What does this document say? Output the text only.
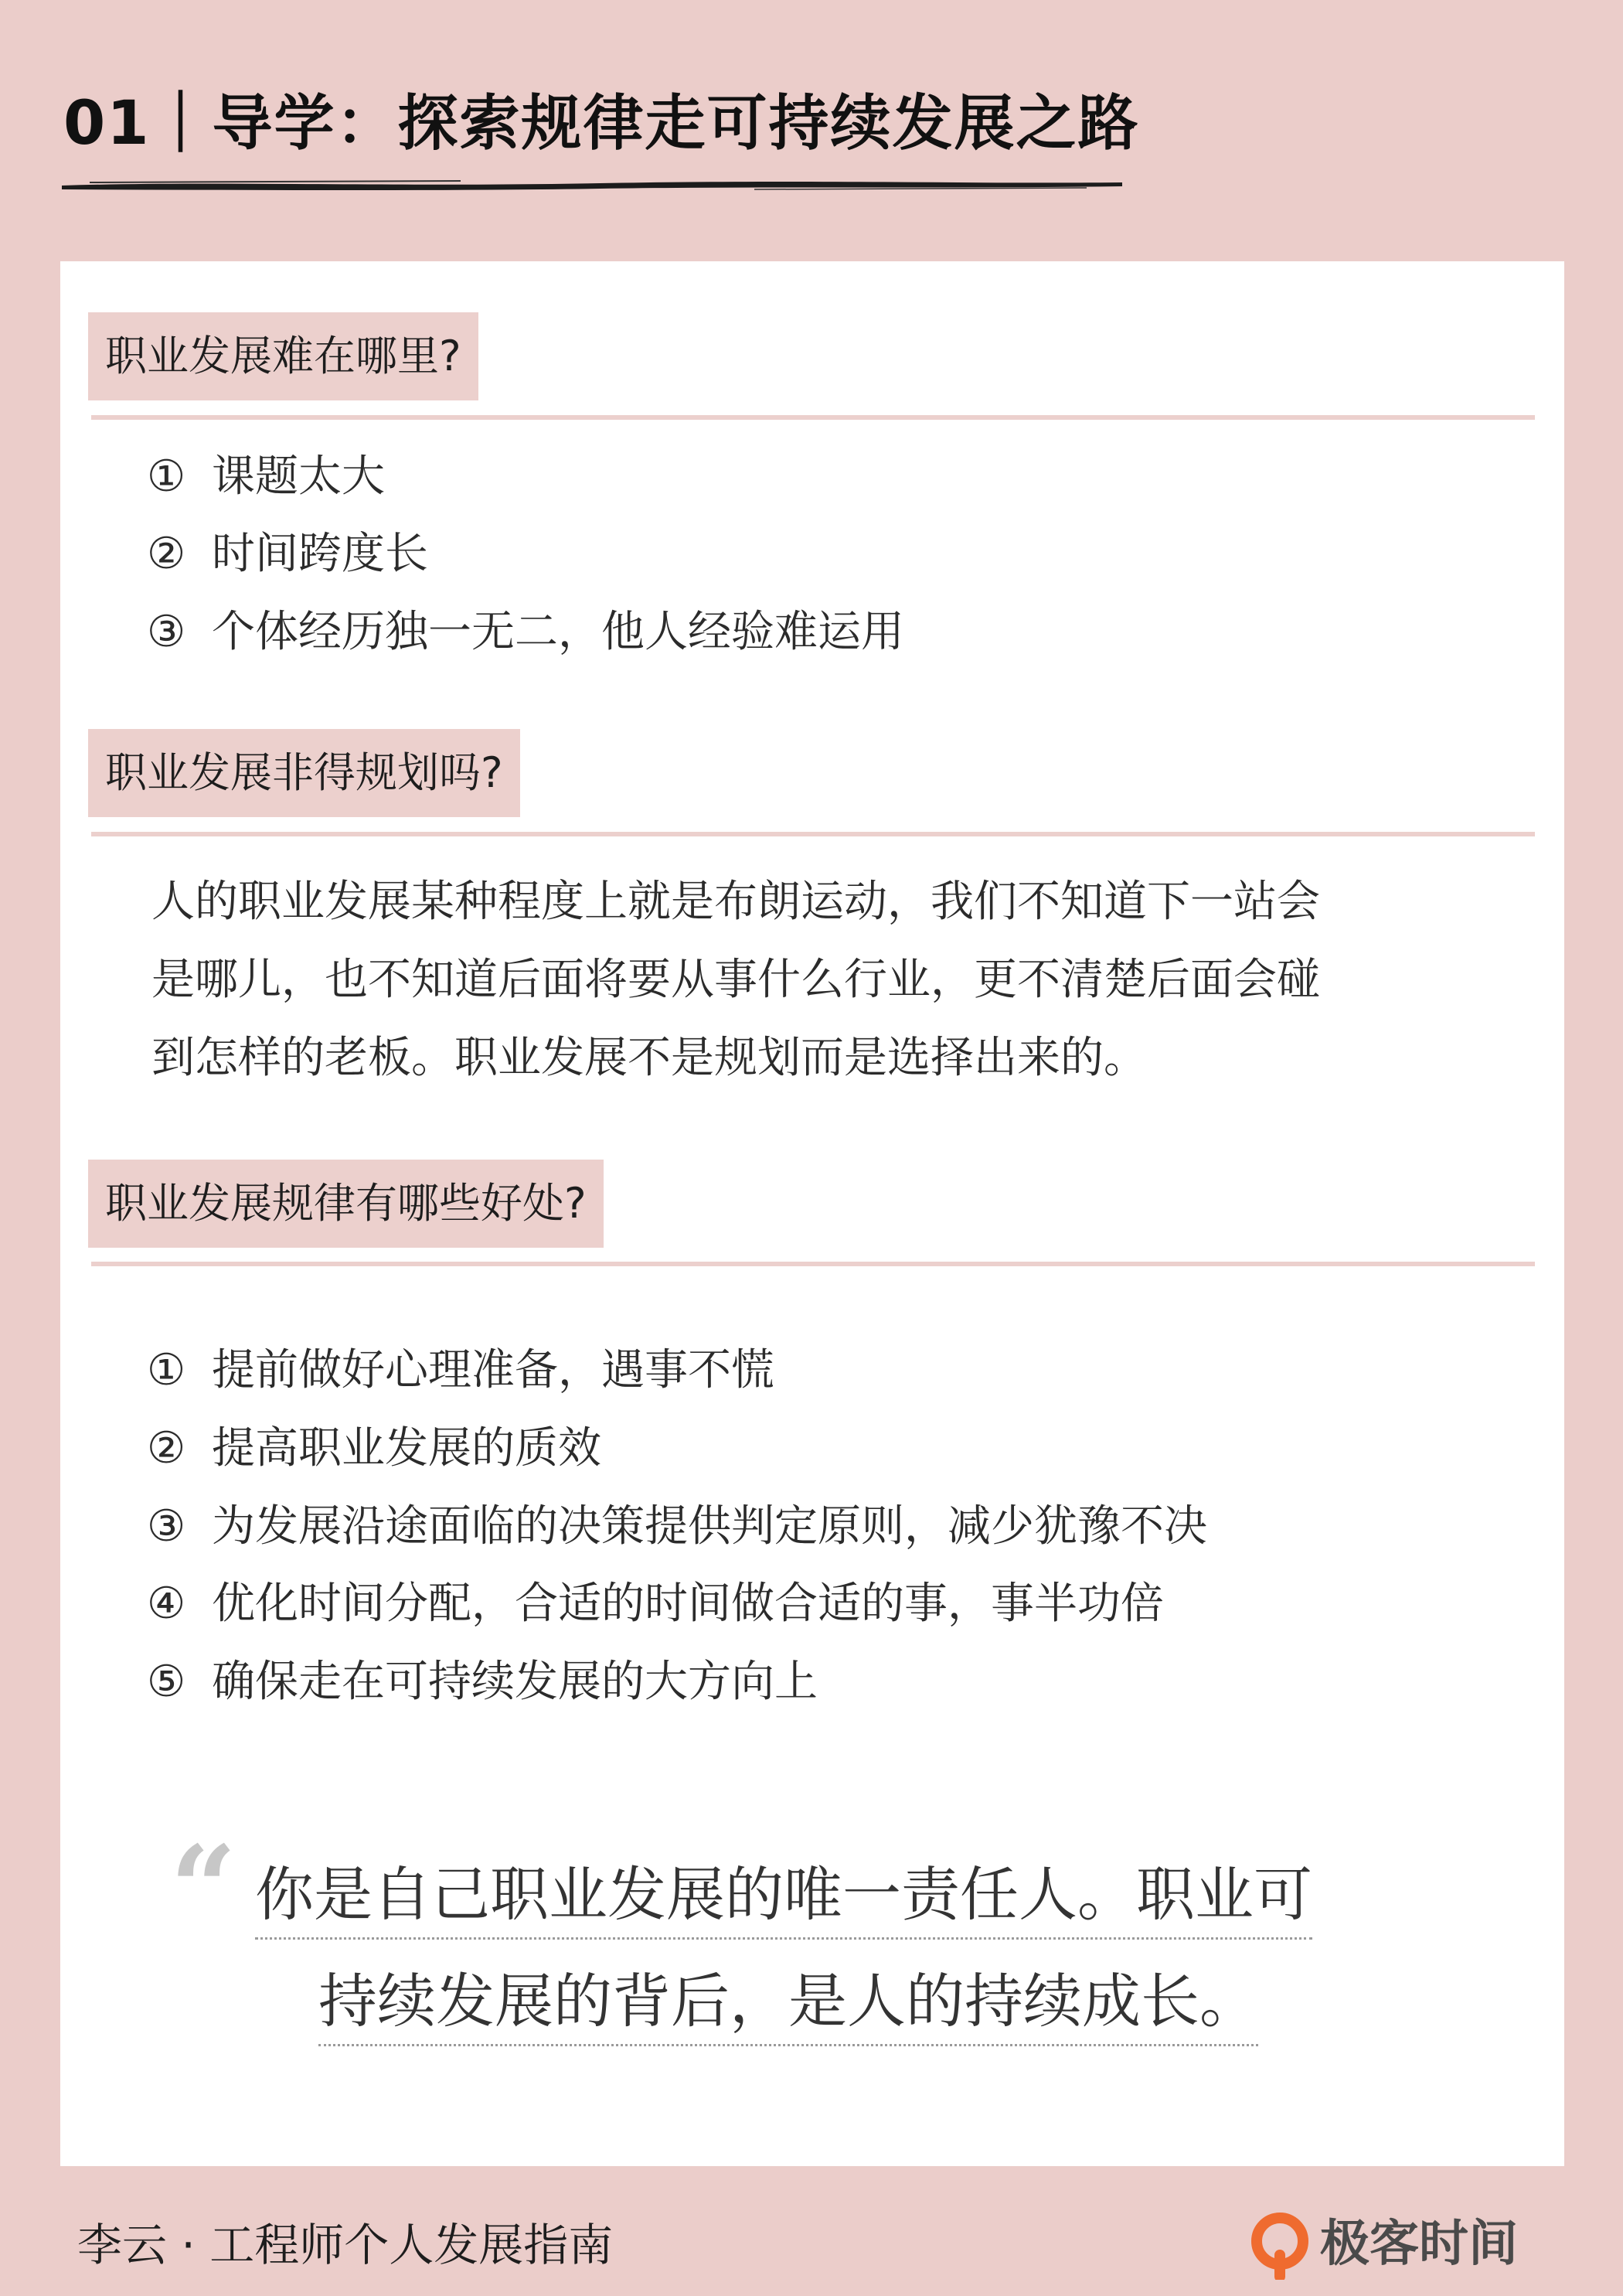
01｜导学：探索规律走可持续发展之路
职业发展难在哪里?
① 课题太大
② 时间跨度长
③ 个体经历独一无二，他人经验难运用
职业发展非得规划吗?
人的职业发展某种程度上就是布朗运动，我们不知道下一站会
是哪儿，也不知道后面将要从事什么行业，更不清楚后面会碰
到怎样的老板。职业发展不是规划而是选择出来的。
职业发展规律有哪些好处?
① 提前做好心理准备，遇事不慌
② 提高职业发展的质效
③ 为发展沿途面临的决策提供判定原则，减少犹豫不决
④ 优化时间分配，合适的时间做合适的事，事半功倍
⑤ 确保走在可持续发展的大方向上
“ 你是自己职业发展的唯一责任人。职业可
持续发展的背后，是人的持续成长。
李云 · 工程师个人发展指南	极客时间
